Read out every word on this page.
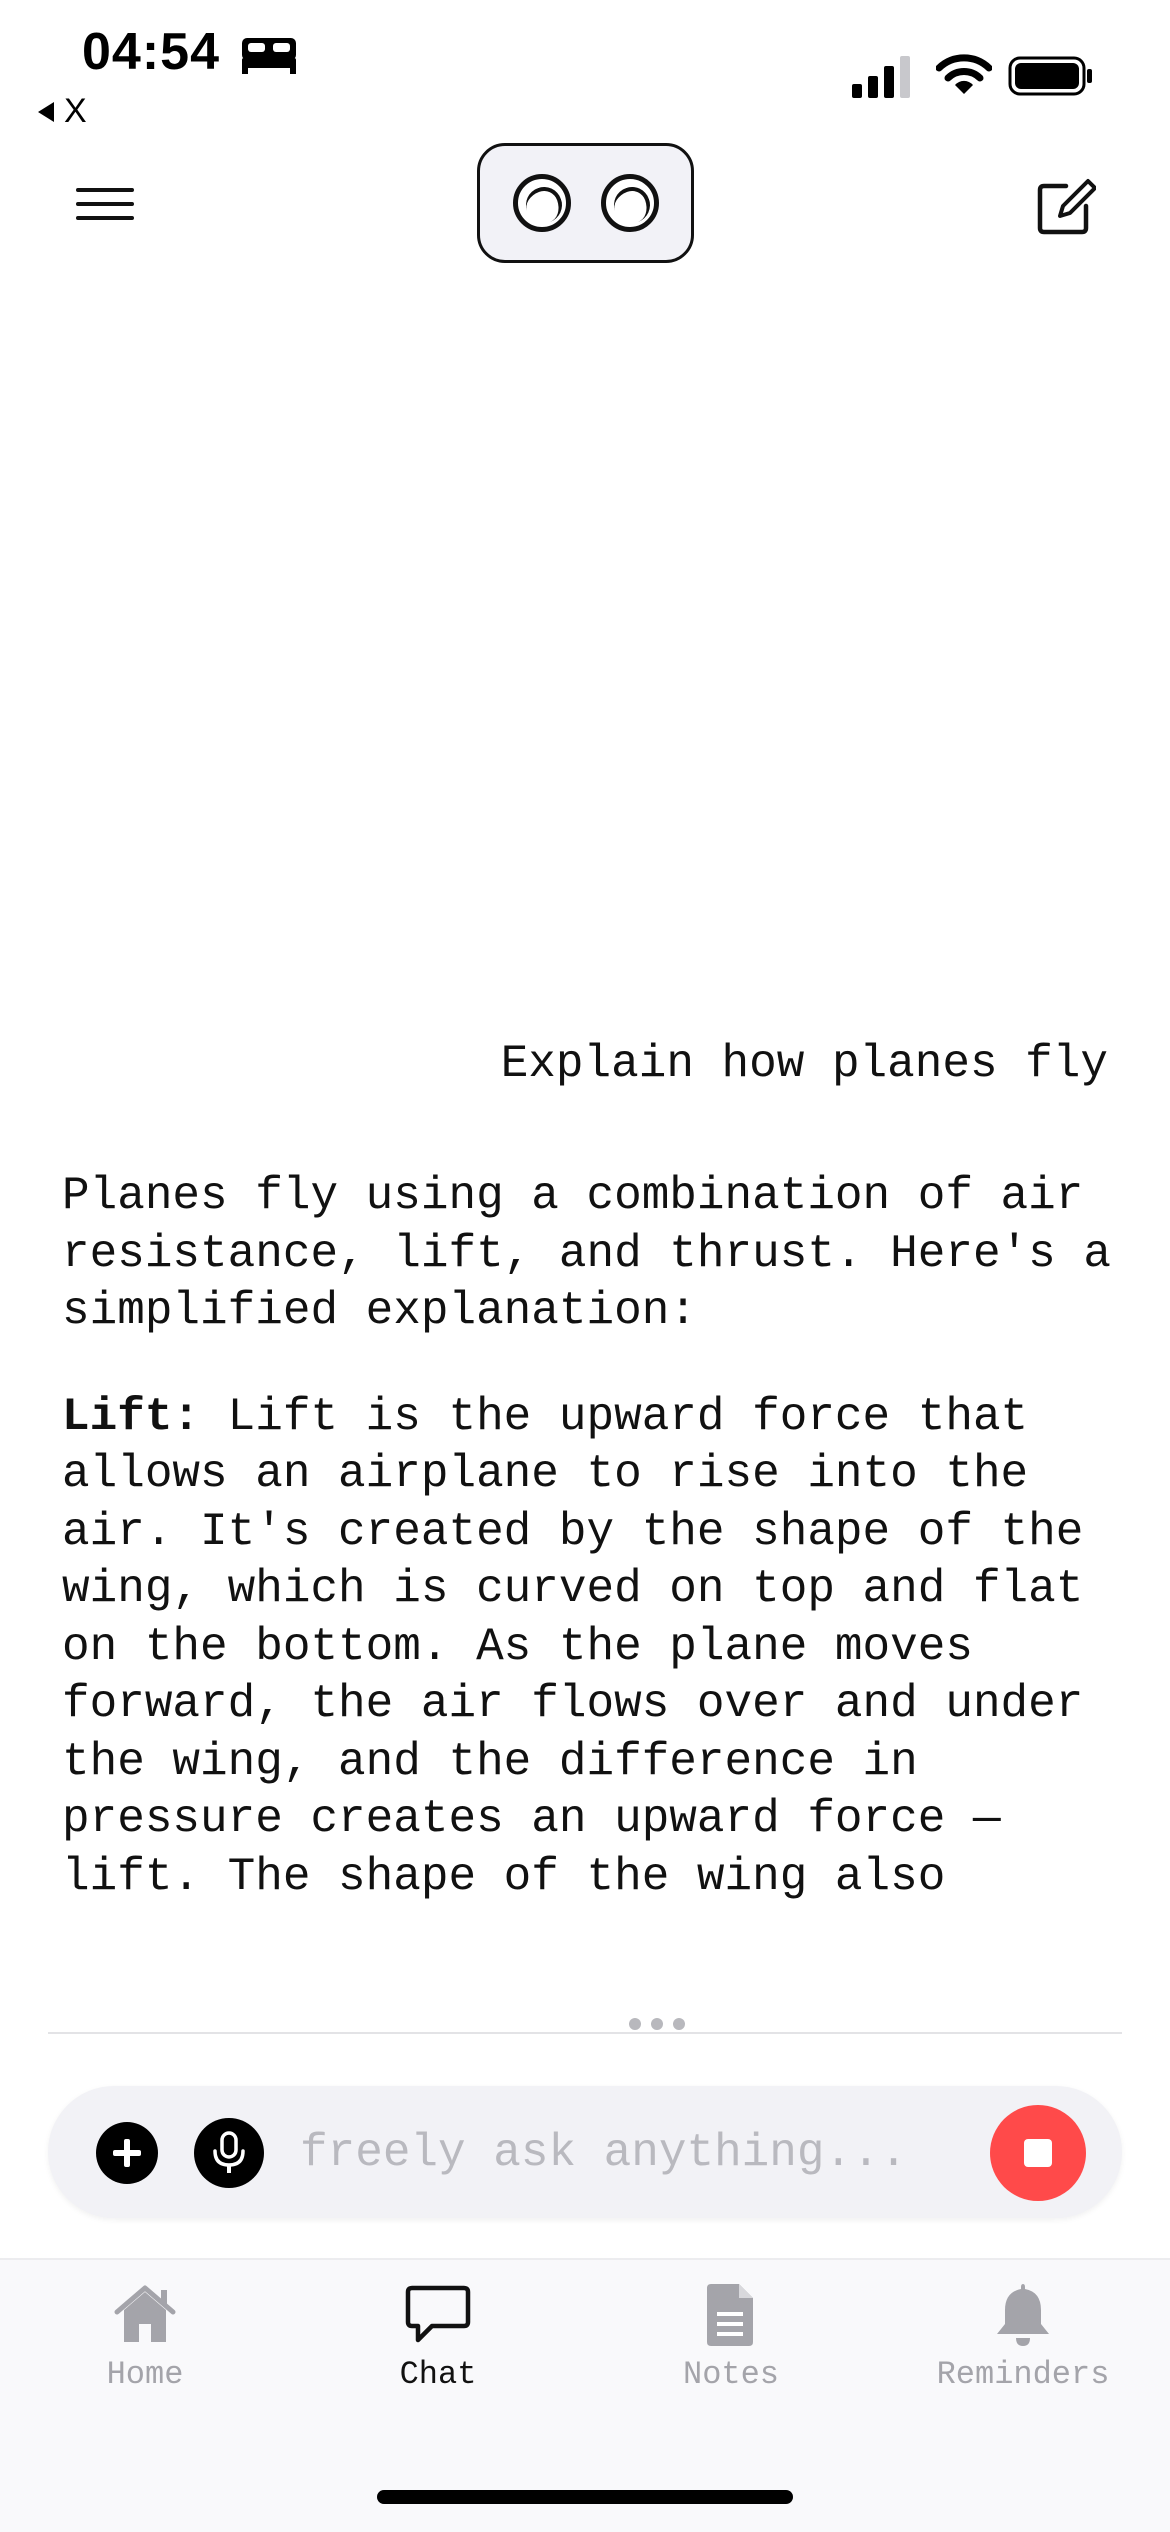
04:54
X
Explain how planes fly

Planes fly using a combination of air resistance, lift, and thrust. Here's a simplified explanation:

Lift: Lift is the upward force that allows an airplane to rise into the air. It's created by the shape of the wing, which is curved on top and flat on the bottom. As the plane moves forward, the air flows over and under the wing, and the difference in pressure creates an upward force — lift. The shape of the wing also

freely ask anything...
Home	Chat	Notes	Reminders
